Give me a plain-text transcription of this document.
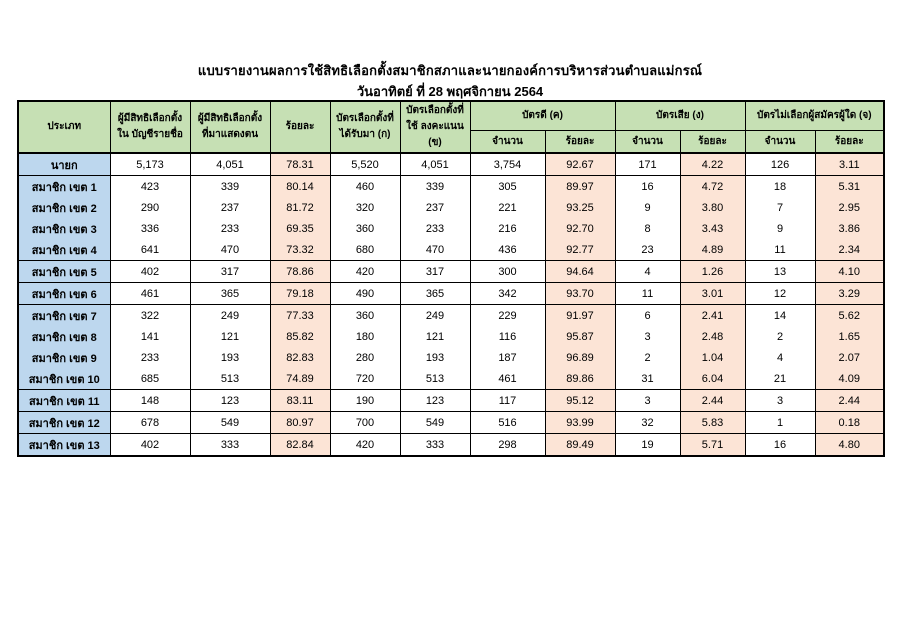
แบบรายงานผลการใช้สิทธิเลือกตั้งสมาชิกสภาและนายกองค์การบริหารส่วนตำบลแม่กรณ์
วันอาทิตย์ ที่ 28 พฤศจิกายน 2564
ประเภท	ผู้มีสิทธิเลือกตั้งใน บัญชีรายชื่อ	ผู้มีสิทธิเลือกตั้ง ที่มาแสดงตน	ร้อยละ	บัตรเลือกตั้งที่ ได้รับมา (ก)	บัตรเลือกตั้งที่ใช้ ลงคะแนน (ข)	บัตรดี (ค)		บัตรเสีย (ง)		บัตรไม่เลือกผู้สมัครผู้ใด (จ)	
						จำนวน	ร้อยละ	จำนวน	ร้อยละ	จำนวน	ร้อยละ
นายก	5,173	4,051	78.31	5,520	4,051	3,754	92.67	171	4.22	126	3.11
สมาชิก เขต 1	423	339	80.14	460	339	305	89.97	16	4.72	18	5.31
สมาชิก เขต 2	290	237	81.72	320	237	221	93.25	9	3.80	7	2.95
สมาชิก เขต 3	336	233	69.35	360	233	216	92.70	8	3.43	9	3.86
สมาชิก เขต 4	641	470	73.32	680	470	436	92.77	23	4.89	11	2.34
สมาชิก เขต 5	402	317	78.86	420	317	300	94.64	4	1.26	13	4.10
สมาชิก เขต 6	461	365	79.18	490	365	342	93.70	11	3.01	12	3.29
สมาชิก เขต 7	322	249	77.33	360	249	229	91.97	6	2.41	14	5.62
สมาชิก เขต 8	141	121	85.82	180	121	116	95.87	3	2.48	2	1.65
สมาชิก เขต 9	233	193	82.83	280	193	187	96.89	2	1.04	4	2.07
สมาชิก เขต 10	685	513	74.89	720	513	461	89.86	31	6.04	21	4.09
สมาชิก เขต 11	148	123	83.11	190	123	117	95.12	3	2.44	3	2.44
สมาชิก เขต 12	678	549	80.97	700	549	516	93.99	32	5.83	1	0.18
สมาชิก เขต 13	402	333	82.84	420	333	298	89.49	19	5.71	16	4.80
